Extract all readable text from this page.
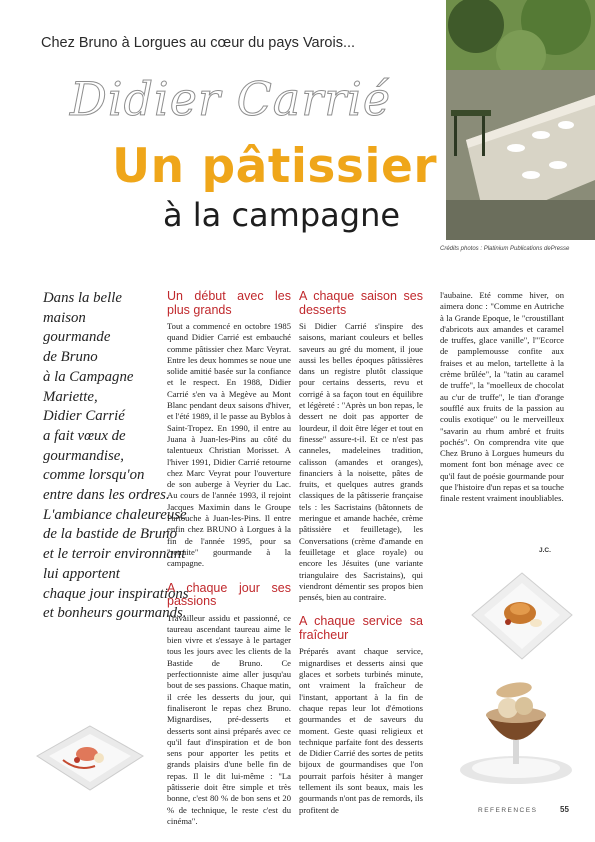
Chez Bruno à Lorgues au cœur du pays Varois...
Didier Carrié
Un pâtissier
à la campagne
Crédits photos : Platinium Publications dePresse
Dans la belle
maison
gourmande
de Bruno
à la Campagne
Mariette,
Didier Carrié
a fait vœux de
gourmandise,
comme lorsqu'on
entre dans les ordres.
L'ambiance chaleureuse
de la bastide de Bruno
et le terroir environnant
lui apportent
chaque jour inspirations
et bonheurs gourmands.

Un début avec les plus grands

Tout a commencé en octobre 1985 quand Didier Carrié est embauché comme pâtissier chez Marc Veyrat. Entre les deux hommes se noue une solide amitié basée sur la confiance et le respect. En 1988, Didier Carrié s'en va à Megève au Mont Blanc pendant deux saisons d'hiver, et l'été 1989, il le passe au Byblos à Saint-Tropez. En 1990, il entre au Juana à Juan-les-Pins au côté du talentueux Christian Morisset. A l'hiver 1991, Didier Carrié retourne chez Marc Veyrat pour l'ouverture de son auberge à Veyrier du Lac. Au cours de l'année 1993, il rejoint Jacques Maximin dans le Groupe Partouche à Juan-les-Pins. Il entre enfin chez BRUNO à Lorgues à la fin de l'année 1995, pour sa "retraite" gourmande à la campagne.

A chaque jour ses passions

Travailleur assidu et passionné, ce taureau ascendant taureau aime le bien vivre et s'essaye à le partager tous les jours avec les clients de la Bastide de Bruno. Ce perfectionniste aime aller jusqu'au bout de ses passions. Chaque matin, il crée les desserts du jour, qui finaliseront le repas chez Bruno. Mignardises, pré-desserts et desserts sont ainsi préparés avec ce qu'il faut d'inspiration et de bon sens pour apporter les petits et grands plaisirs d'une belle fin de repas. Il le dit lui-même : "La pâtisserie doit être simple et très bonne, c'est 80 % de bon sens et 20 % de technique, le reste c'est du cinéma".

A chaque saison ses desserts

Si Didier Carrié s'inspire des saisons, mariant couleurs et belles saveurs au gré du moment, il joue aussi les belles époques pâtissières dans un registre plutôt classique pour certains desserts, revu et corrigé à sa façon tout en équilibre et légèreté : "Après un bon repas, le dessert ne doit pas apporter de lourdeur, il doit être léger et tout en finesse" assure-t-il. Et ce n'est pas canneles, madeleines tradition, calisson (amandes et oranges), financiers à la noisette, pâtes de fruits, et quelques autres grands classiques de la pâtisserie française tels : les Sacristains (bâtonnets de meringue et amande hachée, crème pâtissière et feuilletage), les Conversations (crème d'amande en feuilletage et glace royale) ou encore les Jésuites (une variante triangulaire des Sacristains), qui viendront démentir ses propos bien pensés, bien au contraire.

A chaque service sa fraîcheur

Préparés avant chaque service, mignardises et desserts ainsi que glaces et sorbets turbinés minute, ont vraiment la fraîcheur de l'instant, apportant à la fin de chaque repas leur lot d'émotions gourmandes et de saveurs du moment. Geste quasi religieux et technique parfaite font des desserts de Didier Carrié des sortes de petits bijoux de gourmandises que l'on pourrait parfois hésiter à manger tellement ils sont beaux, mais les gourmands n'ont pas de remords, ils profitent de

l'aubaine. Eté comme hiver, on aimera donc : "Comme en Autriche à la Grande Epoque, le "croustillant d'abricots aux amandes et caramel de truffes, glace vanille", l'"Ecorce de pamplemousse confite aux fraises et au melon, tartellette à la crème brûlée", la "tatin au caramel de truffe", la "moelleux de chocolat au c'ur de truffe", le tian d'orange soufflé aux fruits de la passion au coulis exotique" ou le merveilleux "savarin au rhum ambré et fruits pochés". On comprendra vite que Chez Bruno à Lorgues humeurs du moment font bon ménage avec ce qu'il faut de poésie gourmande pour que l'histoire d'un repas et sa touche finale restent vraiment inoubliables.

J.C.
REFERENCES	55
